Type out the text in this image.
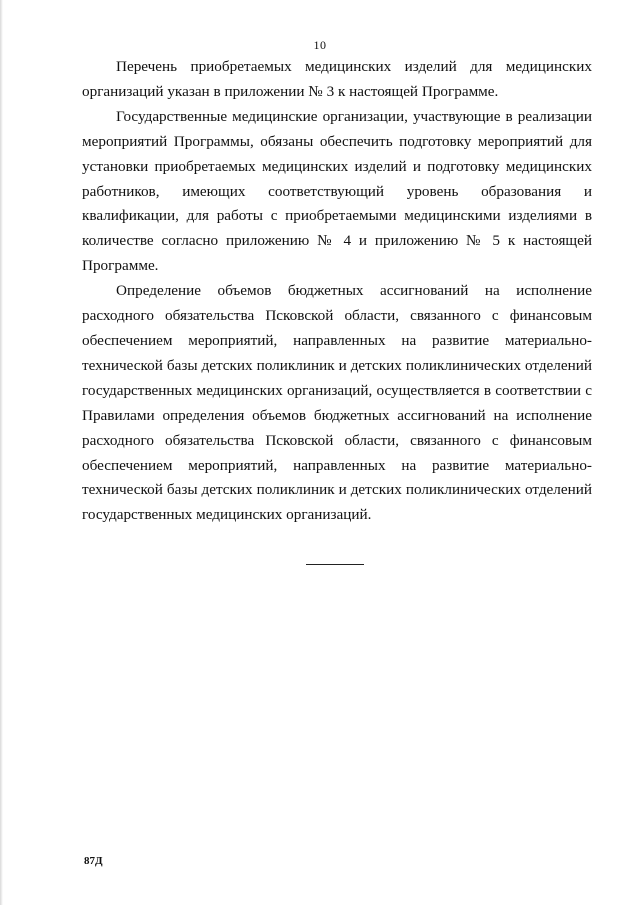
10

Перечень приобретаемых медицинских изделий для медицинских организаций указан в приложении № 3 к настоящей Программе.

Государственные медицинские организации, участвующие в реализации мероприятий Программы, обязаны обеспечить подготовку мероприятий для установки приобретаемых медицинских изделий и подготовку медицинских работников, имеющих соответствующий уровень образования и квалификации, для работы с приобретаемыми медицинскими изделиями в количестве согласно приложению № 4 и приложению № 5 к настоящей Программе.

Определение объемов бюджетных ассигнований на исполнение расходного обязательства Псковской области, связанного с финансовым обеспечением мероприятий, направленных на развитие материально-технической базы детских поликлиник и детских поликлинических отделений государственных медицинских организаций, осуществляется в соответствии с Правилами определения объемов бюджетных ассигнований на исполнение расходного обязательства Псковской области, связанного с финансовым обеспечением мероприятий, направленных на развитие материально-технической базы детских поликлиник и детских поликлинических отделений государственных медицинских организаций.

87Д
